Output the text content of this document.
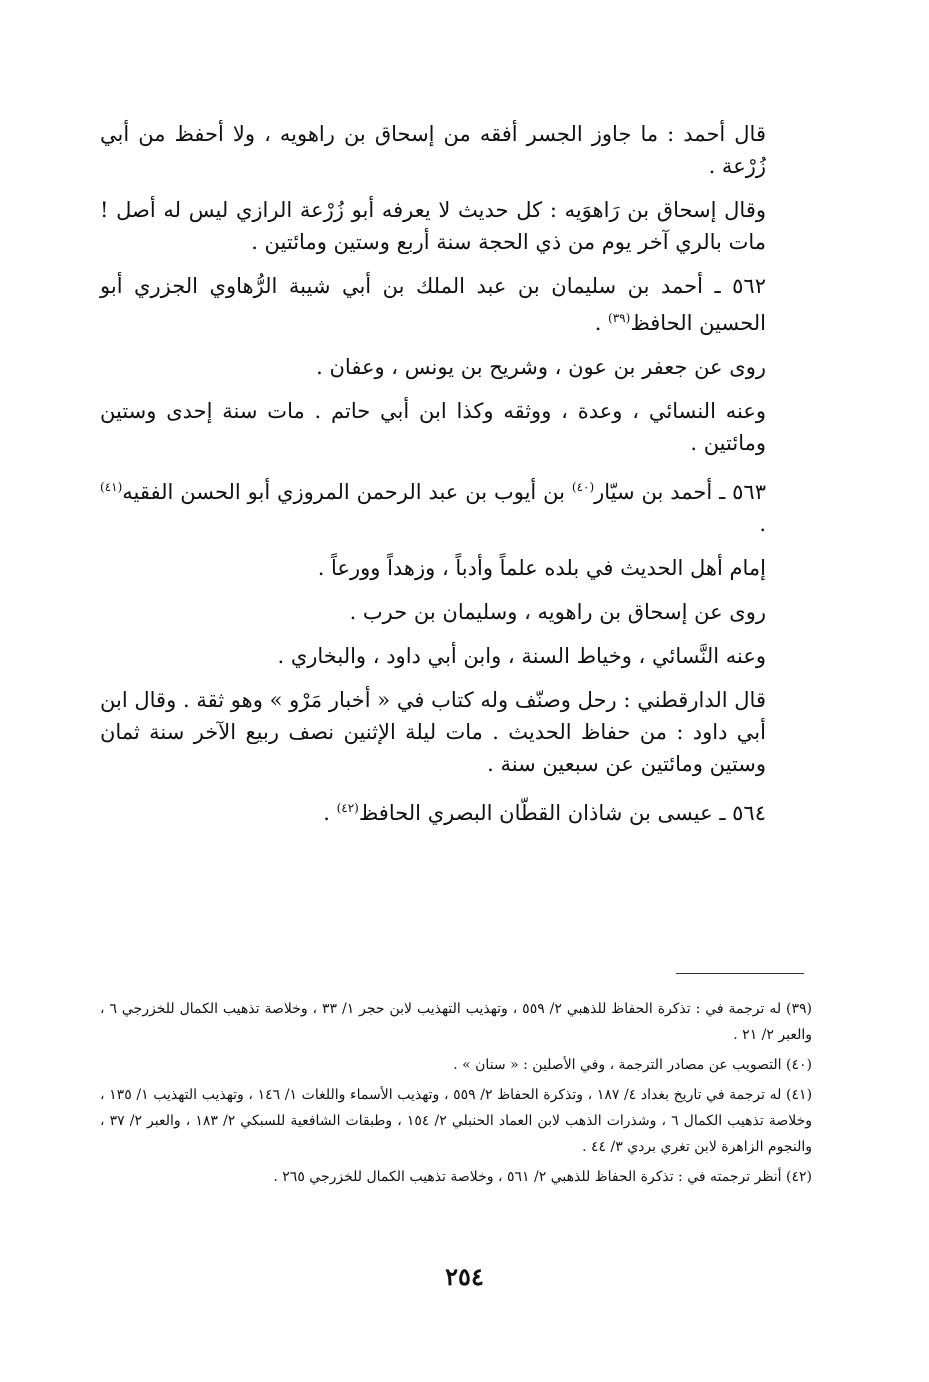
قال أحمد : ما جاوز الجسر أفقه من إسحاق بن راهويه ، ولا أحفظ من أبي زُرْعة .

وقال إسحاق بن رَاهوَيه : كل حديث لا يعرفه أبو زُرْعة الرازي ليس له أصل ! مات بالري آخر يوم من ذي الحجة سنة أربع وستين ومائتين .

٥٦٢ ـ أحمد بن سليمان بن عبد الملك بن أبي شيبة الرُّهاوي الجزري أبو الحسين الحافظ$^{(٣٩)}$ .

روى عن جعفر بن عون ، وشريح بن يونس ، وعفان .

وعنه النسائي ، وعدة ، ووثقه وكذا ابن أبي حاتم . مات سنة إحدى وستين ومائتين .

٥٦٣ ـ أحمد بن سيّار$^{(٤٠)}$ بن أيوب بن عبد الرحمن المروزي أبو الحسن الفقيه$^{(٤١)}$ .

إمام أهل الحديث في بلده علماً وأدباً ، وزهداً وورعاً .

روى عن إسحاق بن راهويه ، وسليمان بن حرب .

وعنه النَّسائي ، وخياط السنة ، وابن أبي داود ، والبخاري .

قال الدارقطني : رحل وصنّف وله كتاب في « أخبار مَرْو » وهو ثقة . وقال ابن أبي داود : من حفاظ الحديث . مات ليلة الإثنين نصف ربيع الآخر سنة ثمان وستين ومائتين عن سبعين سنة .

٥٦٤ ـ عيسى بن شاذان القطّان البصري الحافظ$^{(٤٢)}$ .

(٣٩) له ترجمة في : تذكرة الحفاظ للذهبي ٢/ ٥٥٩ ، وتهذيب التهذيب لابن حجر ١/ ٣٣ ، وخلاصة تذهيب الكمال للخزرجي ٦ ، والعبر ٢/ ٢١ .

(٤٠) التصويب عن مصادر الترجمة ، وفي الأصلين : « سنان » .

(٤١) له ترجمة في تاريخ بغداد ٤/ ١٨٧ ، وتذكرة الحفاظ ٢/ ٥٥٩ ، وتهذيب الأسماء واللغات ١/ ١٤٦ ، وتهذيب التهذيب ١/ ١٣٥ ، وخلاصة تذهيب الكمال ٦ ، وشذرات الذهب لابن العماد الحنبلي ٢/ ١٥٤ ، وطبقات الشافعية للسبكي ٢/ ١٨٣ ، والعبر ٢/ ٣٧ ، والنجوم الزاهرة لابن تغري بردي ٣/ ٤٤ .

(٤٢) أنظر ترجمته في : تذكرة الحفاظ للذهبي ٢/ ٥٦١ ، وخلاصة تذهيب الكمال للخزرجي ٢٦٥ .

٢٥٤
